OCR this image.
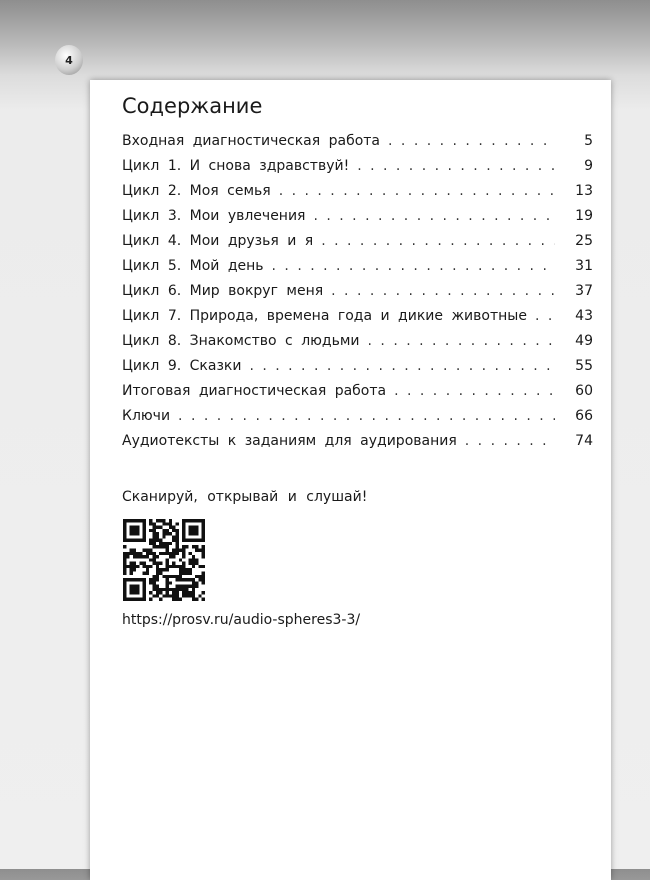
4
Содержание
Входная диагностическая работа . . .	5
Цикл 1. И снова здравствуй! . . .	9
Цикл 2. Моя семья . . .	13
Цикл 3. Мои увлечения . . .	19
Цикл 4. Мои друзья и я . . .	25
Цикл 5. Мой день . . .	31
Цикл 6. Мир вокруг меня . . .	37
Цикл 7. Природа, времена года и дикие животные . . .	43
Цикл 8. Знакомство с людьми . . .	49
Цикл 9. Сказки . . .	55
Итоговая диагностическая работа . . .	60
Ключи . . .	66
Аудиотексты к заданиям для аудирования . . .	74
Сканируй, открывай и слушай!
https://prosv.ru/audio-spheres3-3/
